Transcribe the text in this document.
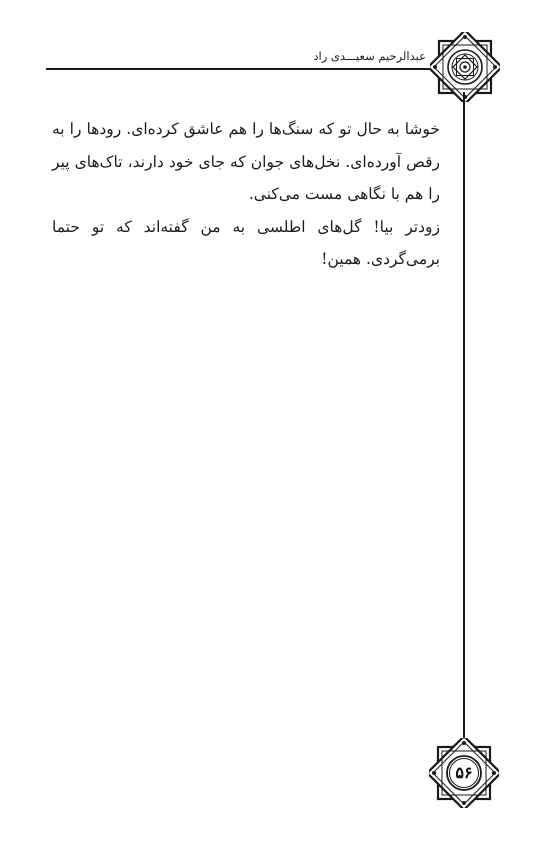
عبدالرحیم سعیـــدی راد

خوشا به حال تو که سنگ‌ها را هم عاشق کرده‌ای. رودها را به رقص آورده‌ای. نخل‌های جوان که جای خود دارند، تاک‌های پیر را هم با نگاهی مست می‌کنی.

زودتر بیا! گل‌های اطلسی به من گفته‌اند که تو حتما برمی‌گردی. همین!

۵۶
